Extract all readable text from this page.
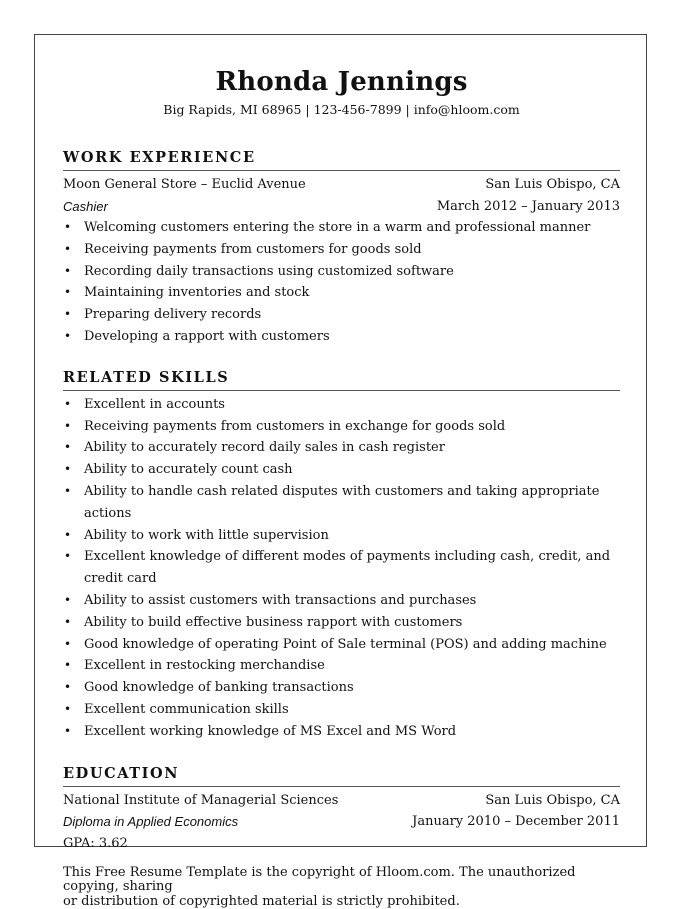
Rhonda Jennings
Big Rapids, MI 68965 | 123-456-7899 | info@hloom.com
WORK EXPERIENCE
Moon General Store – Euclid Avenue	San Luis Obispo, CA
Cashier	March 2012 – January 2013
• Welcoming customers entering the store in a warm and professional manner
• Receiving payments from customers for goods sold
• Recording daily transactions using customized software
• Maintaining inventories and stock
• Preparing delivery records
• Developing a rapport with customers
RELATED SKILLS
• Excellent in accounts
• Receiving payments from customers in exchange for goods sold
• Ability to accurately record daily sales in cash register
• Ability to accurately count cash
• Ability to handle cash related disputes with customers and taking appropriate actions
• Ability to work with little supervision
• Excellent knowledge of different modes of payments including cash, credit, and credit card
• Ability to assist customers with transactions and purchases
• Ability to build effective business rapport with customers
• Good knowledge of operating Point of Sale terminal (POS) and adding machine
• Excellent in restocking merchandise
• Good knowledge of banking transactions
• Excellent communication skills
• Excellent working knowledge of MS Excel and MS Word
EDUCATION
National Institute of Managerial Sciences	San Luis Obispo, CA
Diploma in Applied Economics	January 2010 – December 2011
GPA: 3.62
This Free Resume Template is the copyright of Hloom.com. The unauthorized copying, sharing
or distribution of copyrighted material is strictly prohibited.
